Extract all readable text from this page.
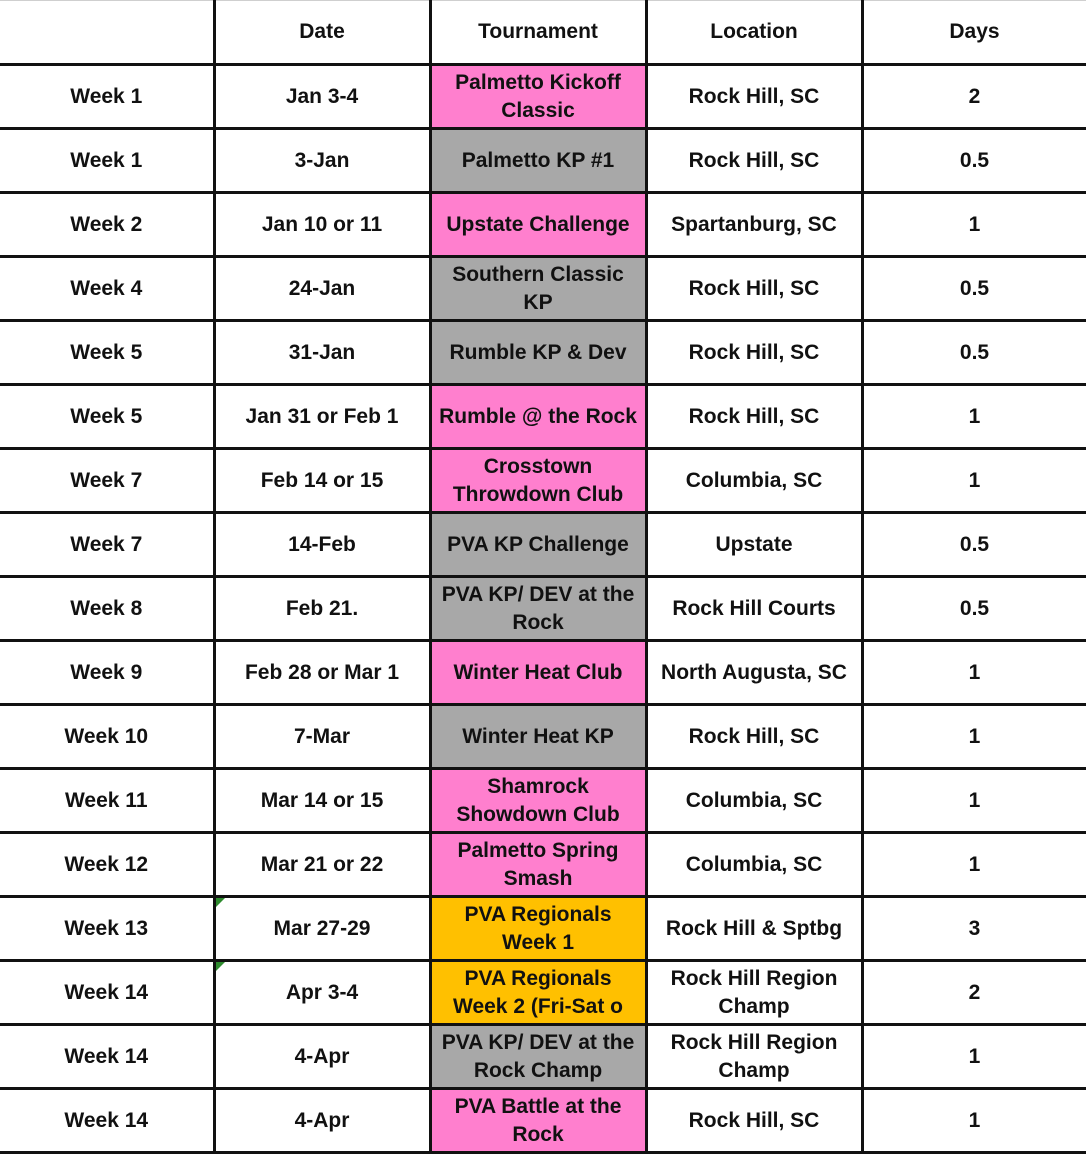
	Date	Tournament	Location	Days
Week 1	Jan 3-4	Palmetto Kickoff Classic	Rock Hill, SC	2
Week 1	3-Jan	Palmetto KP #1	Rock Hill, SC	0.5
Week 2	Jan 10 or 11	Upstate Challenge	Spartanburg, SC	1
Week 4	24-Jan	Southern Classic KP	Rock Hill, SC	0.5
Week 5	31-Jan	Rumble KP & Dev	Rock Hill, SC	0.5
Week 5	Jan 31 or Feb 1	Rumble @ the Rock	Rock Hill, SC	1
Week 7	Feb 14 or 15	Crosstown Throwdown Club	Columbia, SC	1
Week 7	14-Feb	PVA KP Challenge	Upstate	0.5
Week 8	Feb 21.	PVA KP/ DEV at the Rock	Rock Hill Courts	0.5
Week 9	Feb 28 or Mar 1	Winter Heat Club	North Augusta, SC	1
Week 10	7-Mar	Winter Heat KP	Rock Hill, SC	1
Week 11	Mar 14 or 15	Shamrock Showdown Club	Columbia, SC	1
Week 12	Mar 21 or 22	Palmetto Spring Smash	Columbia, SC	1
Week 13	Mar 27-29	PVA Regionals Week 1	Rock Hill & Sptbg	3
Week 14	Apr 3-4	PVA Regionals Week 2 (Fri-Sat o	Rock Hill Region Champ	2
Week 14	4-Apr	PVA KP/ DEV at the Rock Champ	Rock Hill Region Champ	1
Week 14	4-Apr	PVA Battle at the Rock	Rock Hill, SC	1
